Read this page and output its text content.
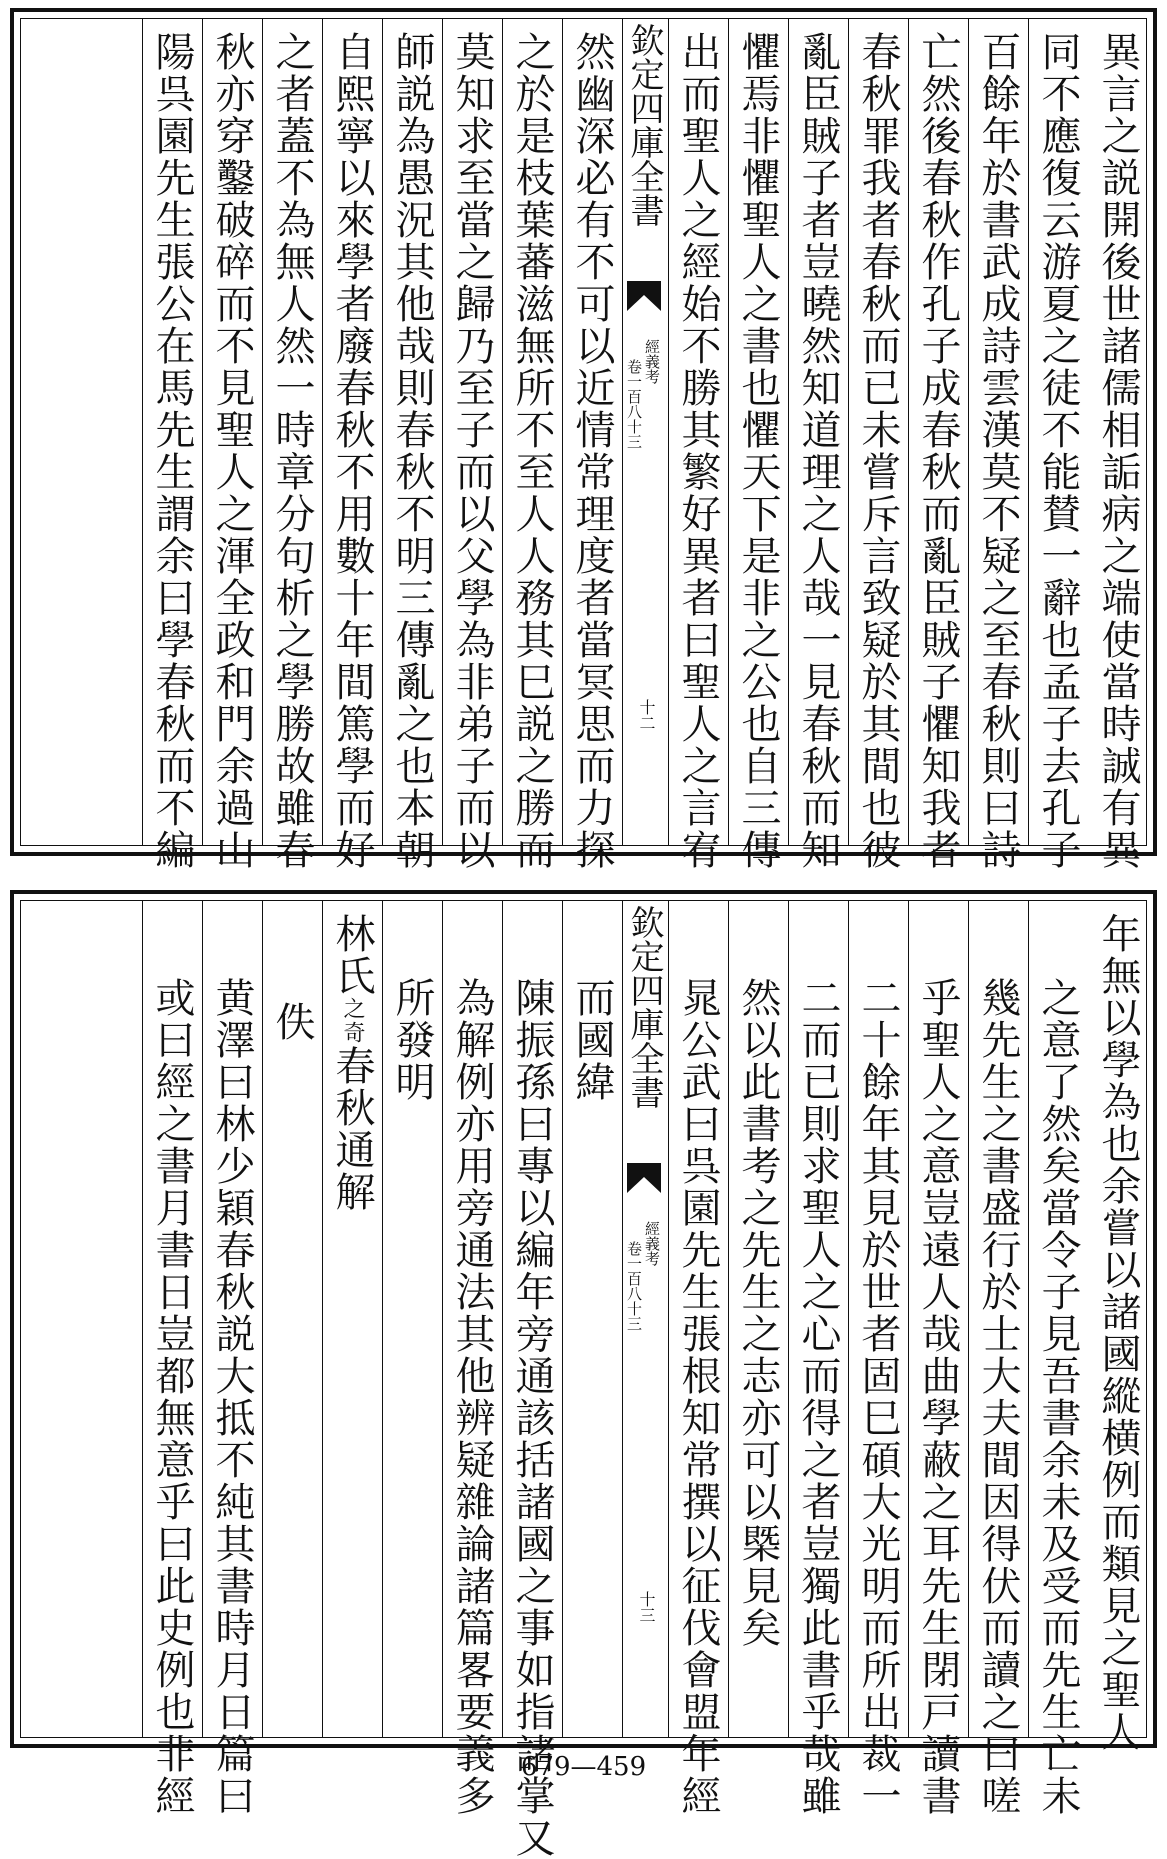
異言之説開後世諸儒相詬病之端使當時誠有異
同不應復云游夏之徒不能賛一辭也孟子去孔子
百餘年於書武成詩雲漢莫不疑之至春秋則曰詩
亡然後春秋作孔子成春秋而亂臣賊子懼知我者
春秋罪我者春秋而已未嘗斥言致疑於其間也彼
亂臣賊子者豈曉然知道理之人哉一見春秋而知
懼焉非懼聖人之書也懼天下是非之公也自三傳
出而聖人之經始不勝其繁好異者曰聖人之言宥
欽定四庫全書
經義考
卷一百八十三
十二
然幽深必有不可以近情常理度者當冥思而力探
之於是枝葉蕃滋無所不至人人務其巳説之勝而
莫知求至當之歸乃至子而以父學為非弟子而以
師説為愚況其他哉則春秋不明三傳亂之也本朝
自熙寧以來學者廢春秋不用數十年間篤學而好
之者蓋不為無人然一時章分句析之學勝故雖春
秋亦穿鑿破碎而不見聖人之渾全政和門余過山
陽呉園先生張公在馬先生謂余曰學春秋而不編
年無以學為也余嘗以諸國縱横例而類見之聖人
之意了然矣當令子見吾書余未及受而先生亡未
幾先生之書盛行於士大夫間因得伏而讀之曰嗟
乎聖人之意豈遠人哉曲學蔽之耳先生閉戸讀書
二十餘年其見於世者固巳碩大光明而所出裁一
二而已則求聖人之心而得之者豈獨此書乎哉雖
然以此書考之先生之志亦可以槩見矣
晁公武曰呉園先生張根知常撰以征伐會盟年經
欽定四庫全書
經義考
卷一百八十三
十三
而國緯
陳振孫曰專以編年旁通該括諸國之事如指諸掌又
為解例亦用旁通法其他辨疑雜論諸篇畧要義多
所發明
林氏之奇春秋通解
佚
黄澤曰林少穎春秋説大抵不純其書時月日篇曰
或曰經之書月書日豈都無意乎曰此史例也非經	679—459
